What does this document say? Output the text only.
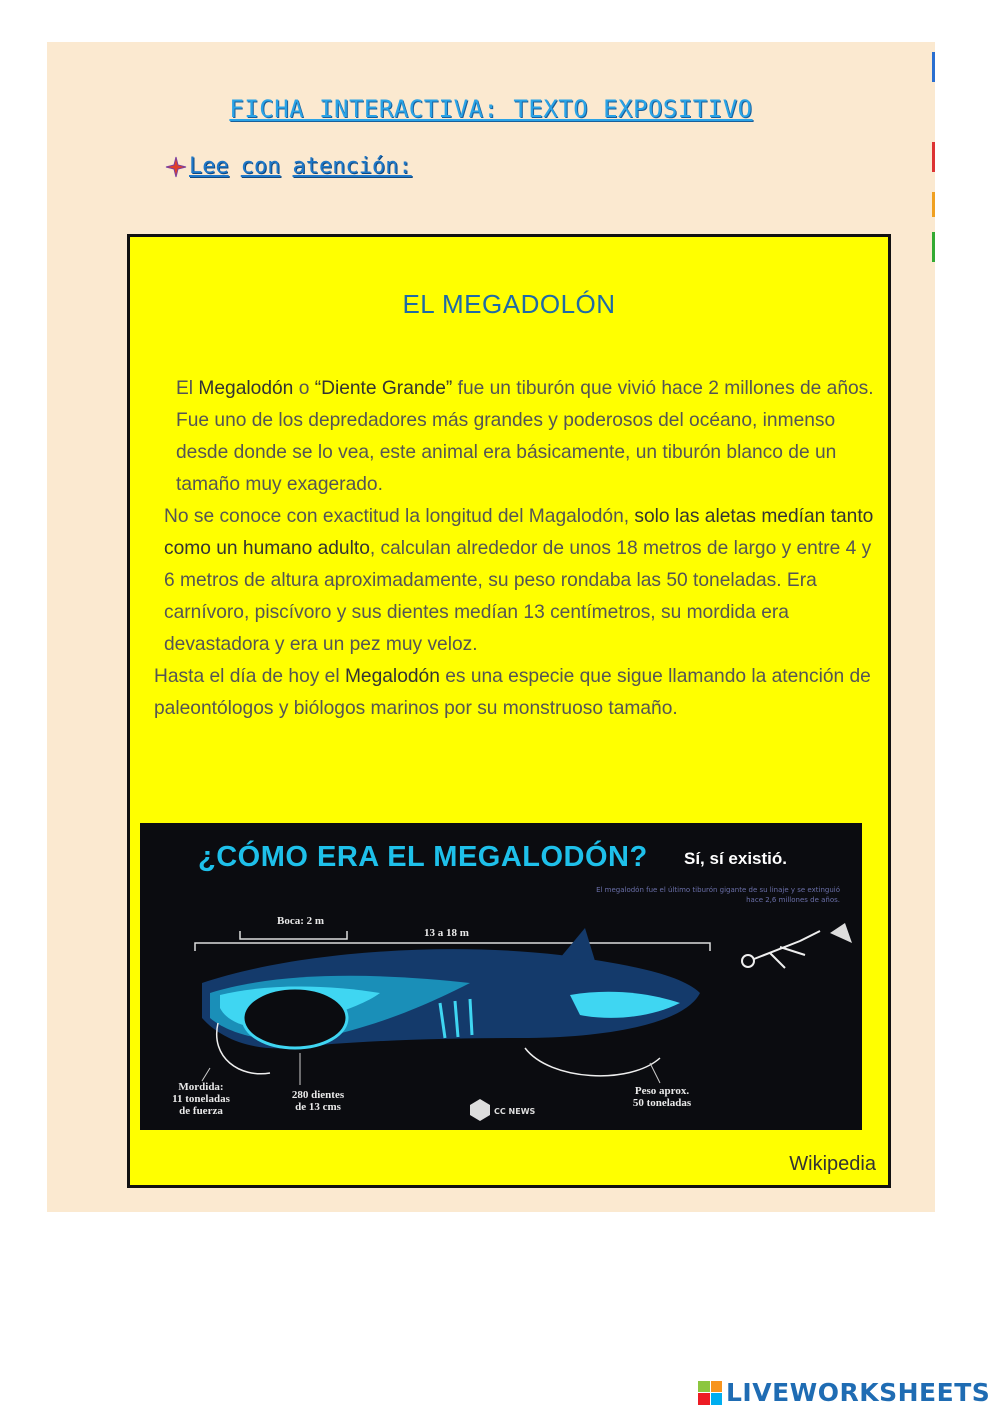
FICHA INTERACTIVA: TEXTO EXPOSITIVO
Lee con atención:
EL MEGADOLÓN

El Megalodón o “Diente Grande” fue un tiburón que vivió hace 2 millones de años. Fue uno de los depredadores más grandes y poderosos del océano, inmenso desde donde se lo vea, este animal era básicamente, un tiburón blanco de un tamaño muy exagerado.

No se conoce con exactitud la longitud del Magalodón, solo las aletas medían tanto como un humano adulto, calculan alrededor de unos 18 metros de largo y entre 4 y 6 metros de altura aproximadamente, su peso rondaba las 50 toneladas. Era carnívoro, piscívoro y sus dientes medían 13 centímetros, su mordida era devastadora y era un pez muy veloz.

Hasta el día de hoy el Megalodón es una especie que sigue llamando la atención de paleontólogos y biólogos marinos por su monstruoso tamaño.

¿CÓMO ERA EL MEGALODÓN? Sí, sí existió.
El megalodón fue el último tiburón gigante de su linaje y se extinguió hace 2,6 millones de años.
Boca: 2 m
13 a 18 m
Mordida:
11 toneladas
de fuerza
280 dientes
de 13 cms
Peso aprox.
50 toneladas
CC NEWS
Wikipedia
LIVEWORKSHEETS
